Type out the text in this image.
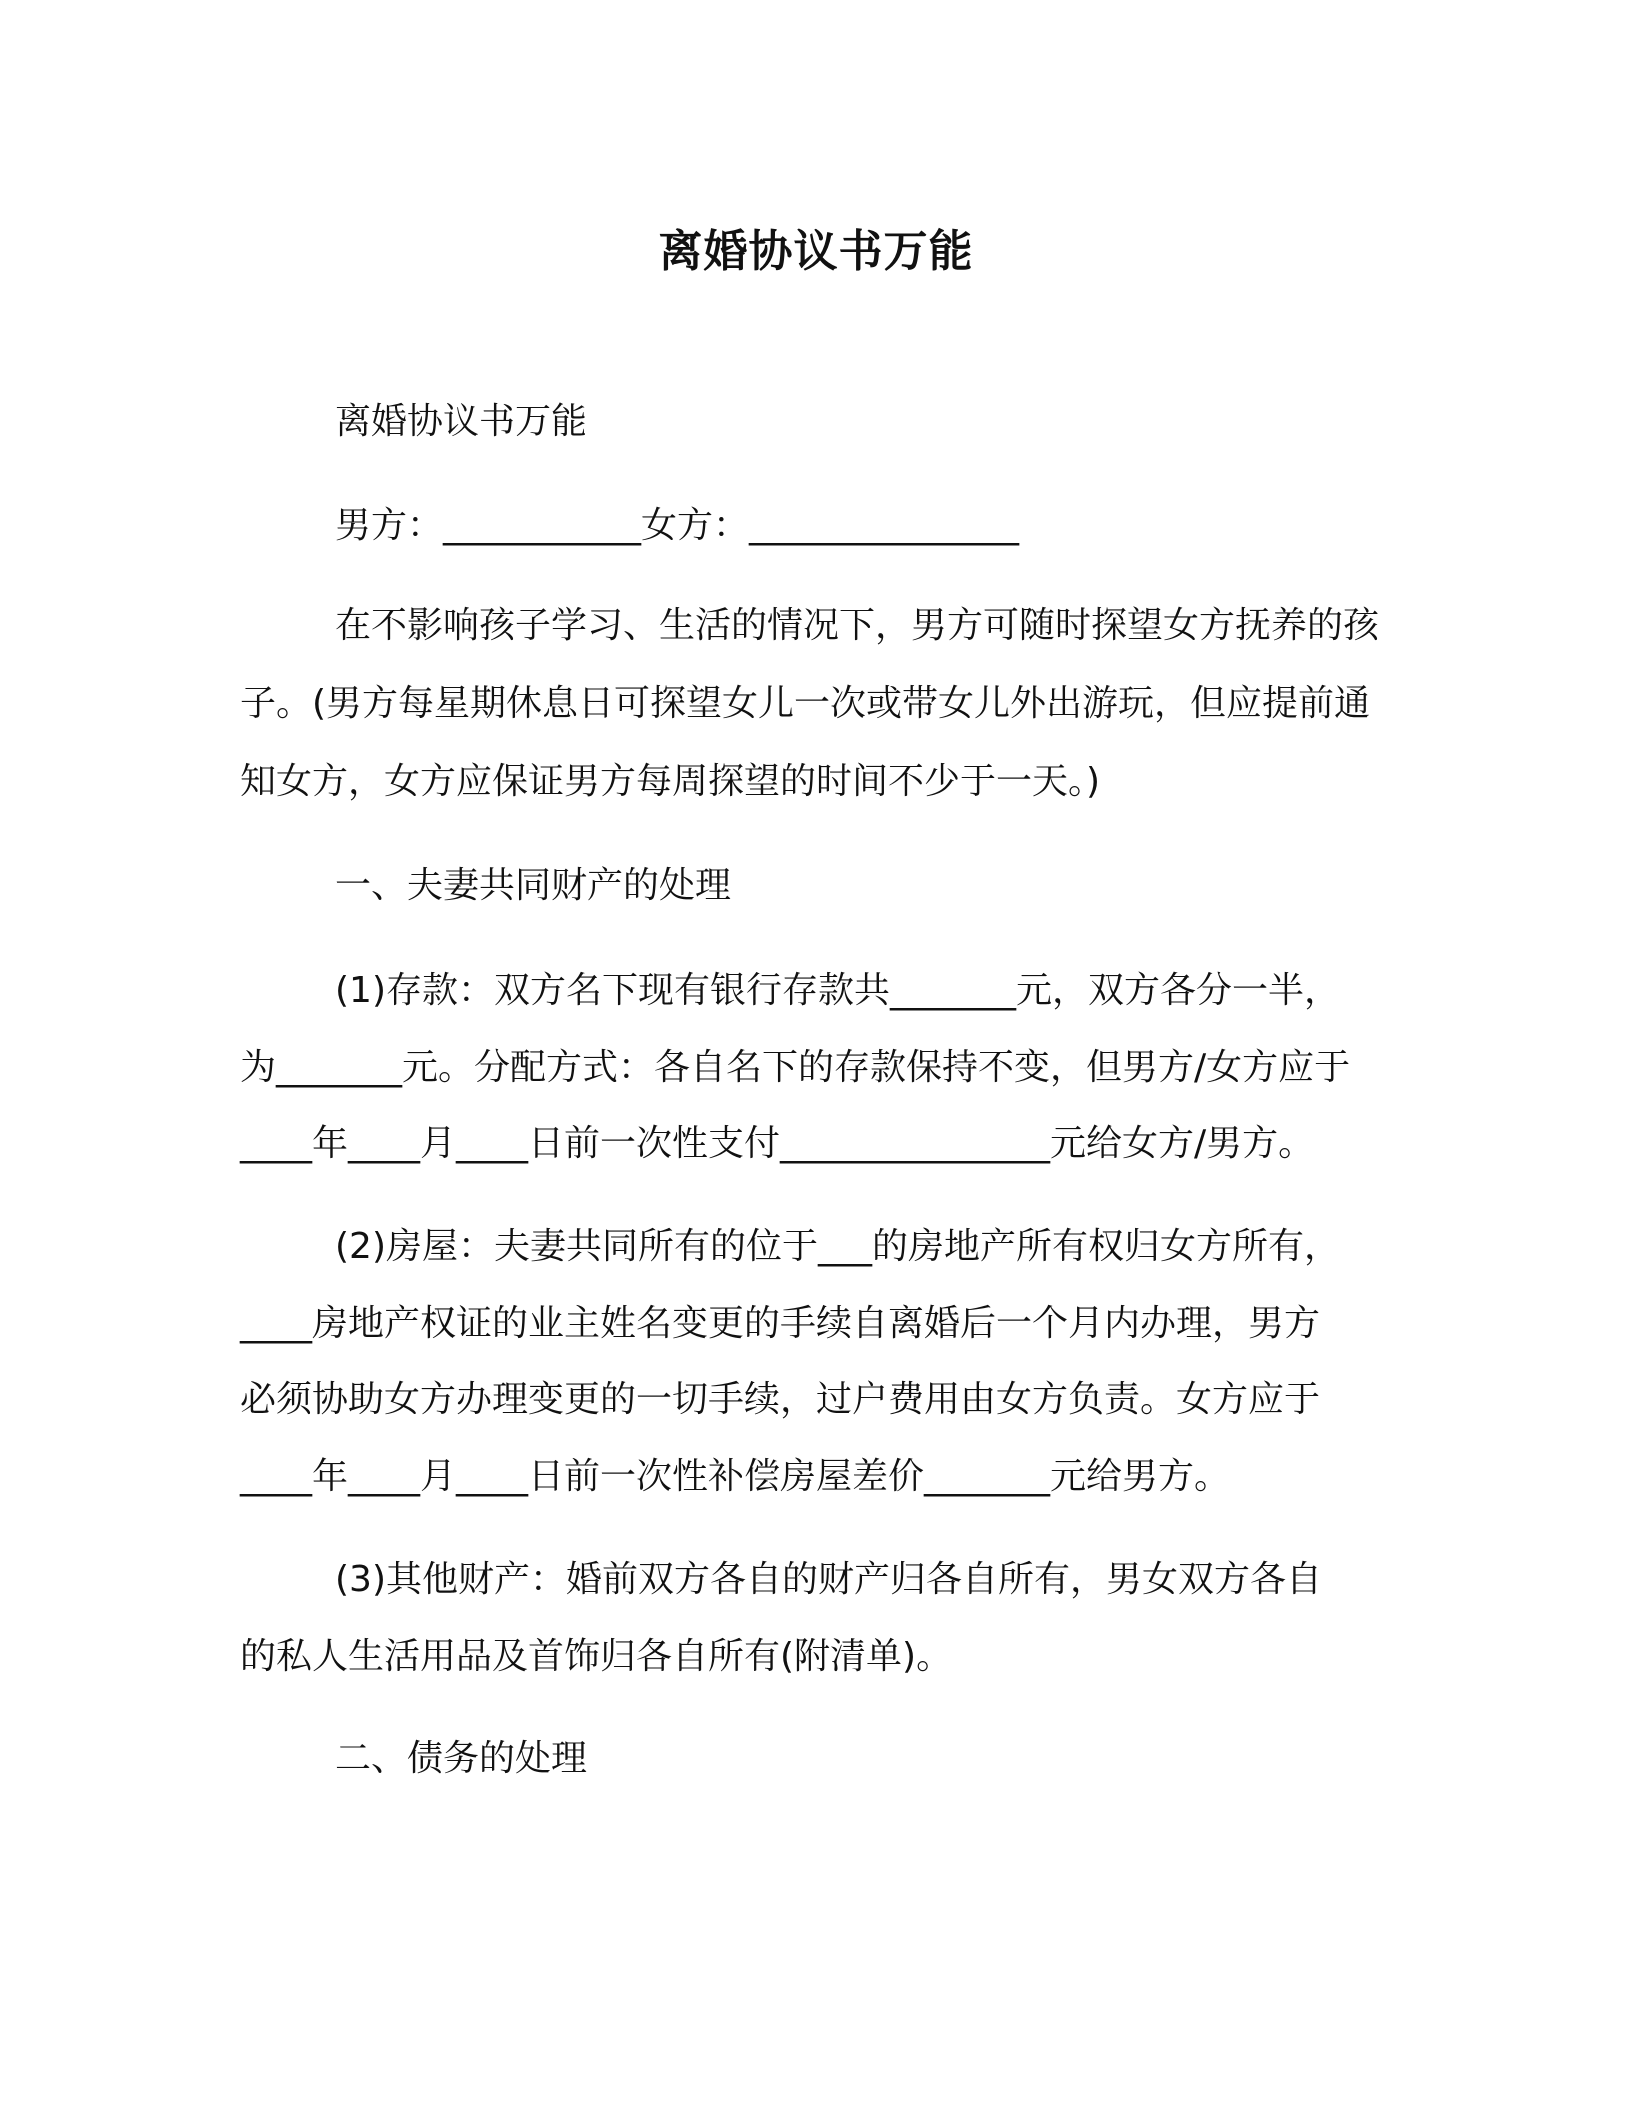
离婚协议书万能
离婚协议书万能
男方：___________女方：_______________
在不影响孩子学习、生活的情况下，男方可随时探望女方抚养的孩子。(男方每星期休息日可探望女儿一次或带女儿外出游玩，但应提前通知女方，女方应保证男方每周探望的时间不少于一天。)
一、夫妻共同财产的处理
(1)存款：双方名下现有银行存款共_______元，双方各分一半，
为_______元。分配方式：各自名下的存款保持不变，但男方/女方应于
____年____月____日前一次性支付_______________元给女方/男方。
(2)房屋：夫妻共同所有的位于___的房地产所有权归女方所有，
____房地产权证的业主姓名变更的手续自离婚后一个月内办理，男方
必须协助女方办理变更的一切手续，过户费用由女方负责。女方应于
____年____月____日前一次性补偿房屋差价_______元给男方。
(3)其他财产：婚前双方各自的财产归各自所有，男女双方各自
的私人生活用品及首饰归各自所有(附清单)。
二、债务的处理
